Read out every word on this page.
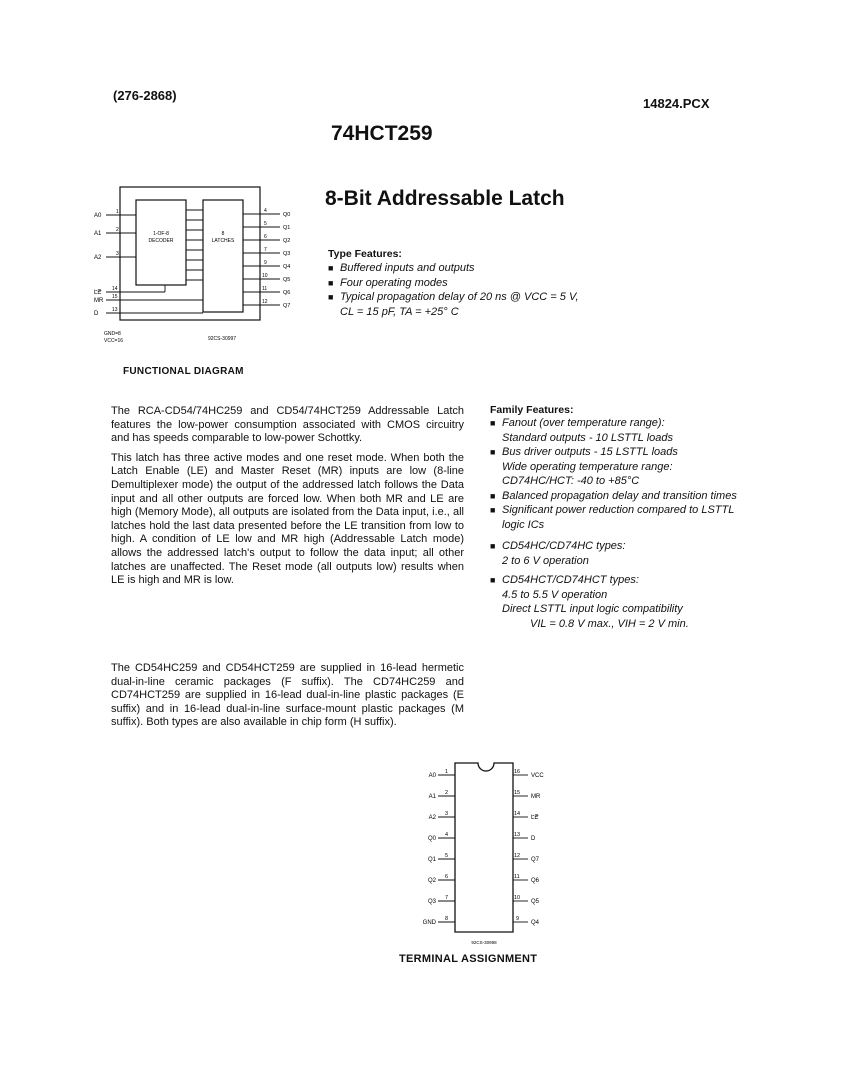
(276-2868)
14824.PCX
74HCT259
8-Bit Addressable Latch
1-OF-8
DECODER
8
LATCHES
A0
A1
A2
LE
MR
D
1
2
3
14
15
13
Q0
Q1
Q2
Q3
Q4
Q5
Q6
Q7
4
5
6
7
9
10
11
12
GND=8
VCC=16	92CS-30997
FUNCTIONAL DIAGRAM
Type Features:
■ Buffered inputs and outputs
■ Four operating modes
■ Typical propagation delay of 20 ns @ VCC = 5 V,
CL = 15 pF, TA = +25° C

The RCA-CD54/74HC259 and CD54/74HCT259 Addressable Latch features the low-power consumption associated with CMOS circuitry and has speeds comparable to low-power Schottky.

This latch has three active modes and one reset mode. When both the Latch Enable (LE) and Master Reset (MR) inputs are low (8-line Demultiplexer mode) the output of the addressed latch follows the Data input and all other outputs are forced low. When both MR and LE are high (Memory Mode), all outputs are isolated from the Data input, i.e., all latches hold the last data presented before the LE transition from low to high. A condition of LE low and MR high (Addressable Latch mode) allows the addressed latch's output to follow the data input; all other latches are unaffected. The Reset mode (all outputs low) results when LE is high and MR is low.

The CD54HC259 and CD54HCT259 are supplied in 16-lead hermetic dual-in-line ceramic packages (F suffix). The CD74HC259 and CD74HCT259 are supplied in 16-lead dual-in-line plastic packages (E suffix) and in 16-lead dual-in-line surface-mount plastic packages (M suffix). Both types are also available in chip form (H suffix).

Family Features:
■ Fanout (over temperature range):
Standard outputs - 10 LSTTL loads
■ Bus driver outputs - 15 LSTTL loads
Wide operating temperature range:
CD74HC/HCT: -40 to +85°C
■ Balanced propagation delay and transition times
■ Significant power reduction compared to LSTTL
logic ICs
■ CD54HC/CD74HC types:
2 to 6 V operation
■ CD54HCT/CD74HCT types:
4.5 to 5.5 V operation
Direct LSTTL input logic compatibility
VIL = 0.8 V max., VIH = 2 V min.
A0
A1
A2
Q0
Q1
Q2
Q3
GND
1
2
3
4
5
6
7
8
16
15
14
13
12
11
10
9
VCC
MR
LE
D
Q7
Q6
Q5
Q4
92CS-30998
TERMINAL ASSIGNMENT
